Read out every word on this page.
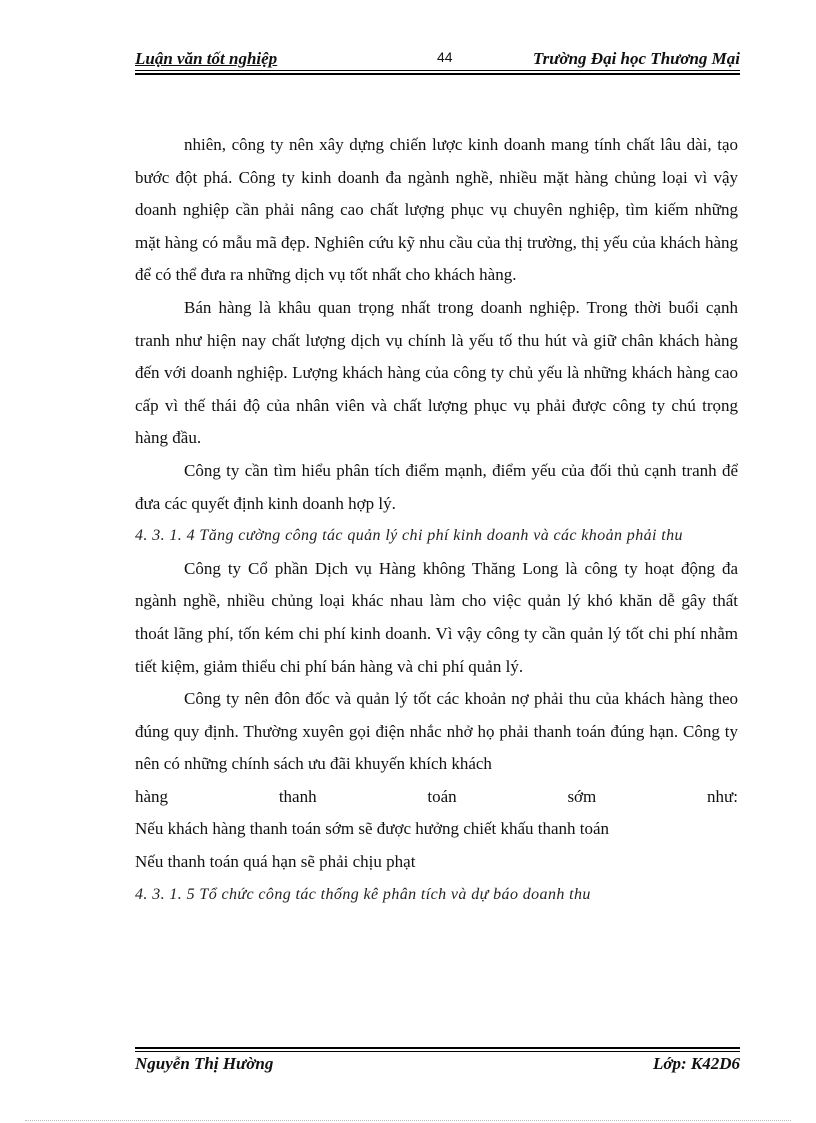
Luận văn tốt nghiệp	44	Trường Đại học Thương Mại

nhiên, công ty nên xây dựng chiến lược kinh doanh mang tính chất lâu dài, tạo bước đột phá. Công ty kinh doanh đa ngành nghề, nhiều mặt hàng chủng loại vì vậy doanh nghiệp cần phải nâng cao chất lượng phục vụ chuyên nghiệp, tìm kiếm những mặt hàng có mẫu mã đẹp. Nghiên cứu kỹ nhu cầu của thị trường, thị yếu của khách hàng để có thể đưa ra những dịch vụ tốt nhất cho khách hàng.

Bán hàng là khâu quan trọng nhất trong doanh nghiệp. Trong thời buổi cạnh tranh như hiện nay chất lượng dịch vụ chính là yếu tố thu hút và giữ chân khách hàng đến với doanh nghiệp. Lượng khách hàng của công ty chủ yếu là những khách hàng cao cấp vì thế thái độ của nhân viên và chất lượng phục vụ phải được công ty chú trọng hàng đầu.

Công ty cần tìm hiểu phân tích điểm mạnh, điểm yếu của đối thủ cạnh tranh để đưa các quyết định kinh doanh hợp lý.

4. 3. 1. 4 Tăng cường công tác quản lý chi phí kinh doanh và các khoản phải thu

Công ty Cổ phần Dịch vụ Hàng không Thăng Long là công ty hoạt động đa ngành nghề, nhiều chủng loại khác nhau làm cho việc quản lý khó khăn dễ gây thất thoát lãng phí, tốn kém chi phí kinh doanh. Vì vậy công ty cần quản lý tốt chi phí nhằm tiết kiệm, giảm thiểu chi phí bán hàng và chi phí quản lý.

Công ty nên đôn đốc và quản lý tốt các khoản nợ phải thu của khách hàng theo đúng quy định. Thường xuyên gọi điện nhắc nhở họ phải thanh toán đúng hạn. Công ty nên có những chính sách ưu đãi khuyến khích khách

hàng thanh toán sớm như:

Nếu khách hàng thanh toán sớm sẽ được hưởng chiết khấu thanh toán

Nếu thanh toán quá hạn sẽ phải chịu phạt

4. 3. 1. 5 Tổ chức công tác thống kê phân tích và dự báo doanh thu

Nguyễn Thị Hường	Lớp: K42D6
